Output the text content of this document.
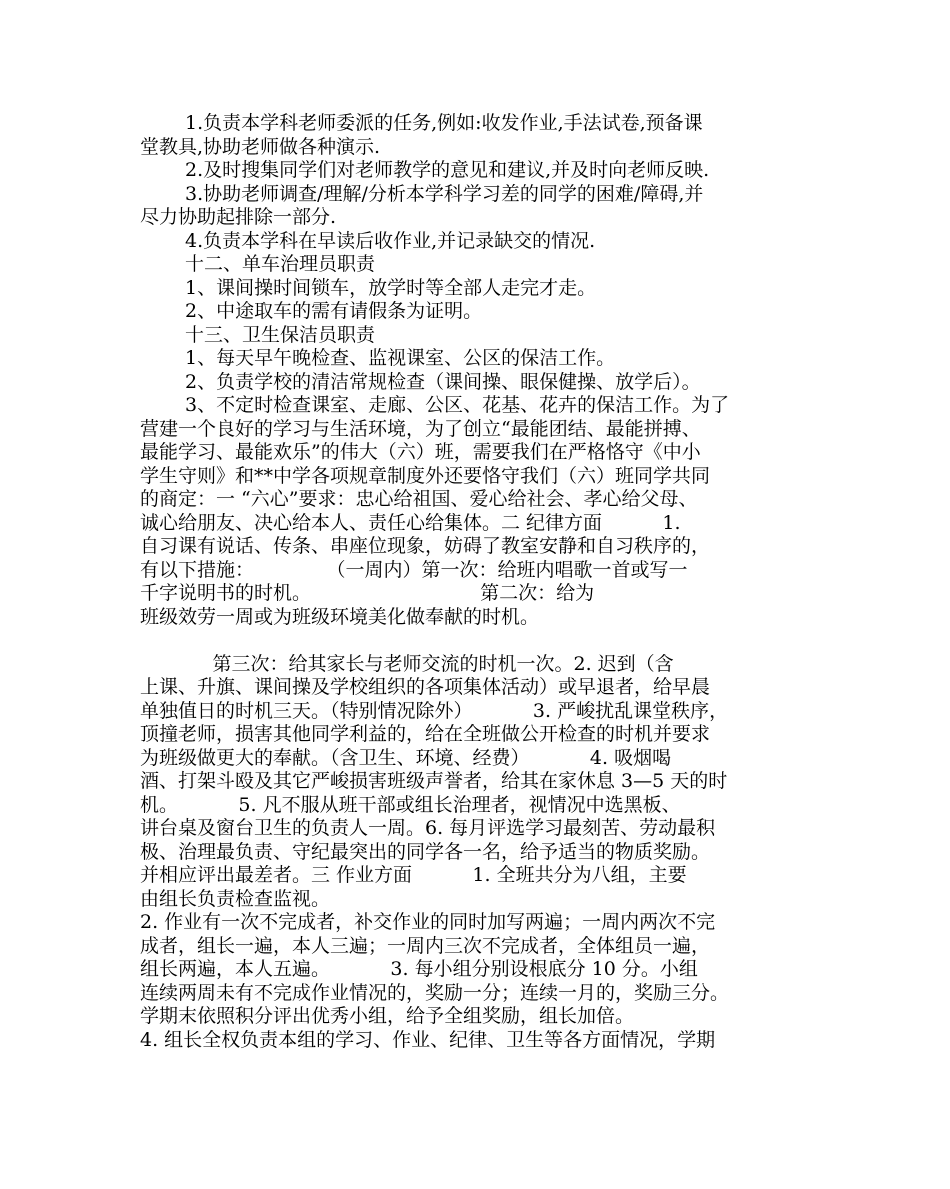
1.负责本学科老师委派的任务,例如:收发作业,手法试卷,预备课
堂教具,协助老师做各种演示.
2.及时搜集同学们对老师教学的意见和建议,并及时向老师反映.
3.协助老师调查/理解/分析本学科学习差的同学的困难/障碍,并
尽力协助起排除一部分.
4.负责本学科在早读后收作业,并记录缺交的情况.
十二、单车治理员职责
1、课间操时间锁车，放学时等全部人走完才走。
2、中途取车的需有请假条为证明。
十三、卫生保洁员职责
1、每天早午晚检查、监视课室、公区的保洁工作。
2、负责学校的清洁常规检查（课间操、眼保健操、放学后）。
3、不定时检查课室、走廊、公区、花基、花卉的保洁工作。为了
营建一个良好的学习与生活环境，为了创立“最能团结、最能拼搏、
最能学习、最能欢乐”的伟大（六）班，需要我们在严格恪守《中小
学生守则》和**中学各项规章制度外还要恪守我们（六）班同学共同
的商定：一 “六心”要求：忠心给祖国、爱心给社会、孝心给父母、
诚心给朋友、决心给本人、责任心给集体。二 纪律方面          1.
自习课有说话、传条、串座位现象，妨碍了教室安静和自习秩序的，
有以下措施：            （一周内）第一次：给班内唱歌一首或写一
千字说明书的时机。                            第二次：给为
班级效劳一周或为班级环境美化做奉献的时机。
第三次：给其家长与老师交流的时机一次。2. 迟到（含
上课、升旗、课间操及学校组织的各项集体活动）或早退者，给早晨
单独值日的时机三天。（特别情况除外）          3. 严峻扰乱课堂秩序，
顶撞老师，损害其他同学利益的，给在全班做公开检查的时机并要求
为班级做更大的奉献。（含卫生、环境、经费）          4. 吸烟喝
酒、打架斗殴及其它严峻损害班级声誉者，给其在家休息 3—5 天的时
机。          5. 凡不服从班干部或组长治理者，视情况中选黑板、
讲台桌及窗台卫生的负责人一周。6. 每月评选学习最刻苦、劳动最积
极、治理最负责、守纪最突出的同学各一名，给予适当的物质奖励。
并相应评出最差者。三 作业方面          1. 全班共分为八组，主要
由组长负责检查监视。
2. 作业有一次不完成者，补交作业的同时加写两遍；一周内两次不完
成者，组长一遍，本人三遍；一周内三次不完成者，全体组员一遍，
组长两遍，本人五遍。          3. 每小组分别设根底分 10 分。小组
连续两周未有不完成作业情况的，奖励一分；连续一月的，奖励三分。
学期末依照积分评出优秀小组，给予全组奖励，组长加倍。
4. 组长全权负责本组的学习、作业、纪律、卫生等各方面情况，学期
